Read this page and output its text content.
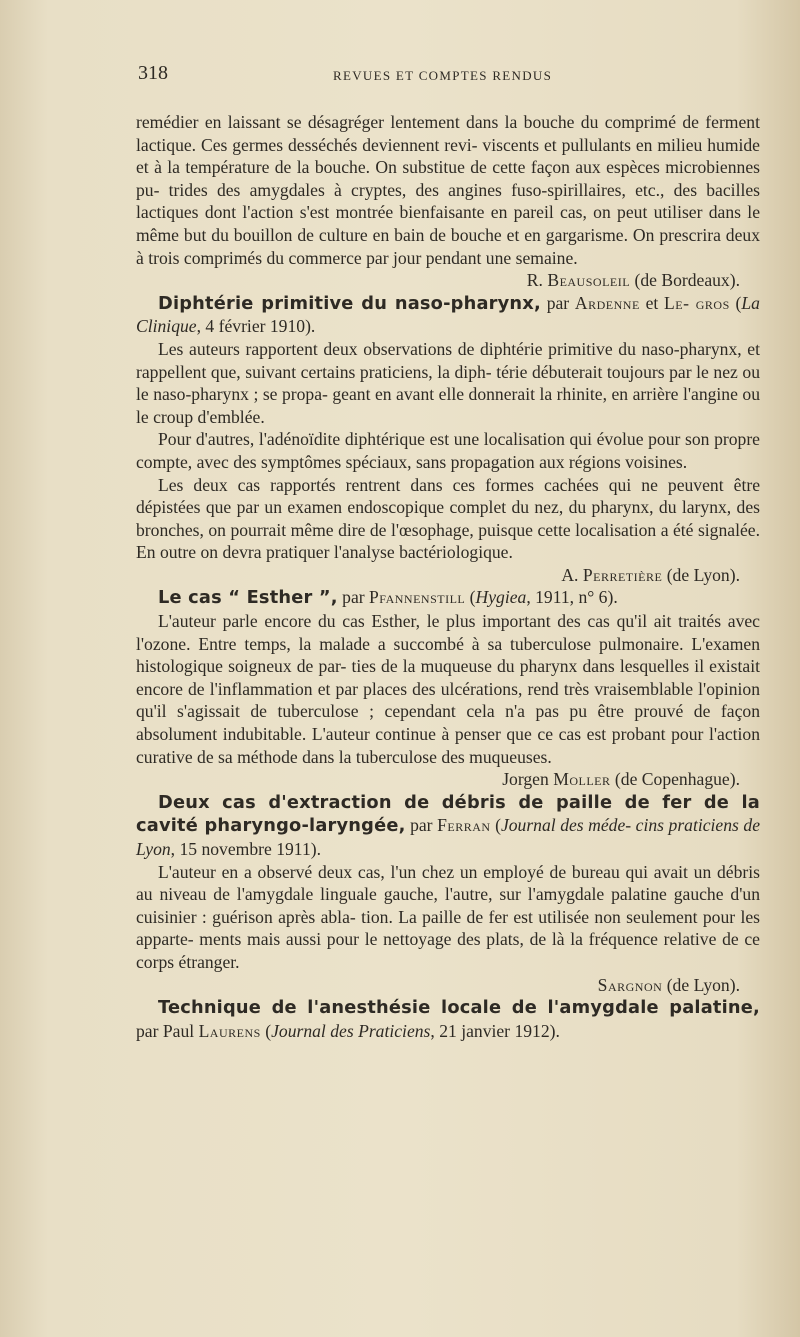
318	REVUES ET COMPTES RENDUS

remédier en laissant se désagréger lentement dans la bouche du comprimé de ferment lactique. Ces germes desséchés deviennent revi- viscents et pullulants en milieu humide et à la température de la bouche. On substitue de cette façon aux espèces microbiennes pu- trides des amygdales à cryptes, des angines fuso-spirillaires, etc., des bacilles lactiques dont l'action s'est montrée bienfaisante en pareil cas, on peut utiliser dans le même but du bouillon de culture en bain de bouche et en gargarisme. On prescrira deux à trois comprimés du commerce par jour pendant une semaine.

R. Beausoleil (de Bordeaux).

Diphtérie primitive du naso-pharynx, par Ardenne et Le- gros (La Clinique, 4 février 1910).

Les auteurs rapportent deux observations de diphtérie primitive du naso-pharynx, et rappellent que, suivant certains praticiens, la diph- térie débuterait toujours par le nez ou le naso-pharynx ; se propa- geant en avant elle donnerait la rhinite, en arrière l'angine ou le croup d'emblée.

Pour d'autres, l'adénoïdite diphtérique est une localisation qui évolue pour son propre compte, avec des symptômes spéciaux, sans propagation aux régions voisines.

Les deux cas rapportés rentrent dans ces formes cachées qui ne peuvent être dépistées que par un examen endoscopique complet du nez, du pharynx, du larynx, des bronches, on pourrait même dire de l'œsophage, puisque cette localisation a été signalée. En outre on devra pratiquer l'analyse bactériologique.

A. Perretière (de Lyon).

Le cas “ Esther ”, par Pfannenstill (Hygiea, 1911, n° 6).

L'auteur parle encore du cas Esther, le plus important des cas qu'il ait traités avec l'ozone. Entre temps, la malade a succombé à sa tuberculose pulmonaire. L'examen histologique soigneux de par- ties de la muqueuse du pharynx dans lesquelles il existait encore de l'inflammation et par places des ulcérations, rend très vraisemblable l'opinion qu'il s'agissait de tuberculose ; cependant cela n'a pas pu être prouvé de façon absolument indubitable. L'auteur continue à penser que ce cas est probant pour l'action curative de sa méthode dans la tuberculose des muqueuses.

Jorgen Moller (de Copenhague).

Deux cas d'extraction de débris de paille de fer de la cavité pharyngo-laryngée, par Ferran (Journal des méde- cins praticiens de Lyon, 15 novembre 1911).

L'auteur en a observé deux cas, l'un chez un employé de bureau qui avait un débris au niveau de l'amygdale linguale gauche, l'autre, sur l'amygdale palatine gauche d'un cuisinier : guérison après abla- tion. La paille de fer est utilisée non seulement pour les apparte- ments mais aussi pour le nettoyage des plats, de là la fréquence relative de ce corps étranger.

Sargnon (de Lyon).

Technique de l'anesthésie locale de l'amygdale palatine, par Paul Laurens (Journal des Praticiens, 21 janvier 1912).
